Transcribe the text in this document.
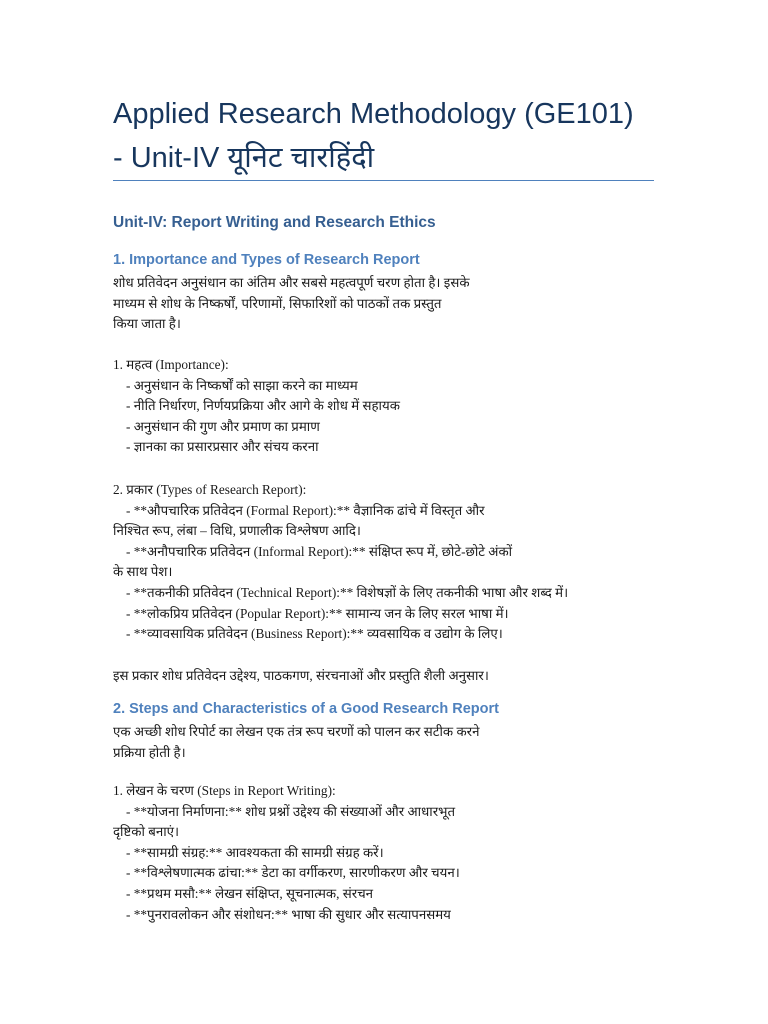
Applied Research Methodology (GE101)
- Unit-IV यूनिट चारहिंदी
Unit-IV: Report Writing and Research Ethics
1. Importance and Types of Research Report
शोध प्रतिवेदन अनुसंधान का अंतिम और सबसे महत्वपूर्ण चरण होता है। इसके
माध्यम से शोध के निष्कर्षों, परिणामों, सिफारिशों को पाठकों तक प्रस्तुत
किया जाता है।
1. महत्व (Importance):
- अनुसंधान के निष्कर्षों को साझा करने का माध्यम
- नीति निर्धारण, निर्णयप्रक्रिया और आगे के शोध में सहायक
- अनुसंधान की गुण और प्रमाण का प्रमाण
- ज्ञानका का प्रसारप्रसार और संचय करना
2. प्रकार (Types of Research Report):
- **औपचारिक प्रतिवेदन (Formal Report):** वैज्ञानिक ढांचे में विस्तृत और
निश्चित रूप, लंबा – विधि, प्रणालीक विश्लेषण आदि।
- **अनौपचारिक प्रतिवेदन (Informal Report):** संक्षिप्त रूप में, छोटे-छोटे अंकों
के साथ पेश।
- **तकनीकी प्रतिवेदन (Technical Report):** विशेषज्ञों के लिए तकनीकी भाषा और शब्द में।
- **लोकप्रिय प्रतिवेदन (Popular Report):** सामान्य जन के लिए सरल भाषा में।
- **व्यावसायिक प्रतिवेदन (Business Report):** व्यवसायिक व उद्योग के लिए।
इस प्रकार शोध प्रतिवेदन उद्देश्य, पाठकगण, संरचनाओं और प्रस्तुति शैली अनुसार।
2. Steps and Characteristics of a Good Research Report
एक अच्छी शोध रिपोर्ट का लेखन एक तंत्र रूप चरणों को पालन कर सटीक करने
प्रक्रिया होती है।
1. लेखन के चरण (Steps in Report Writing):
- **योजना निर्माणना:** शोध प्रश्नों उद्देश्य की संख्याओं और आधारभूत
दृष्टिको बनाएं।
- **सामग्री संग्रह:** आवश्यकता की सामग्री संग्रह करें।
- **विश्लेषणात्मक ढांचा:** डेटा का वर्गीकरण, सारणीकरण और चयन।
- **प्रथम मसौ:** लेखन संक्षिप्त, सूचनात्मक, संरचन
- **पुनरावलोकन और संशोधन:** भाषा की सुधार और सत्यापनसमय
